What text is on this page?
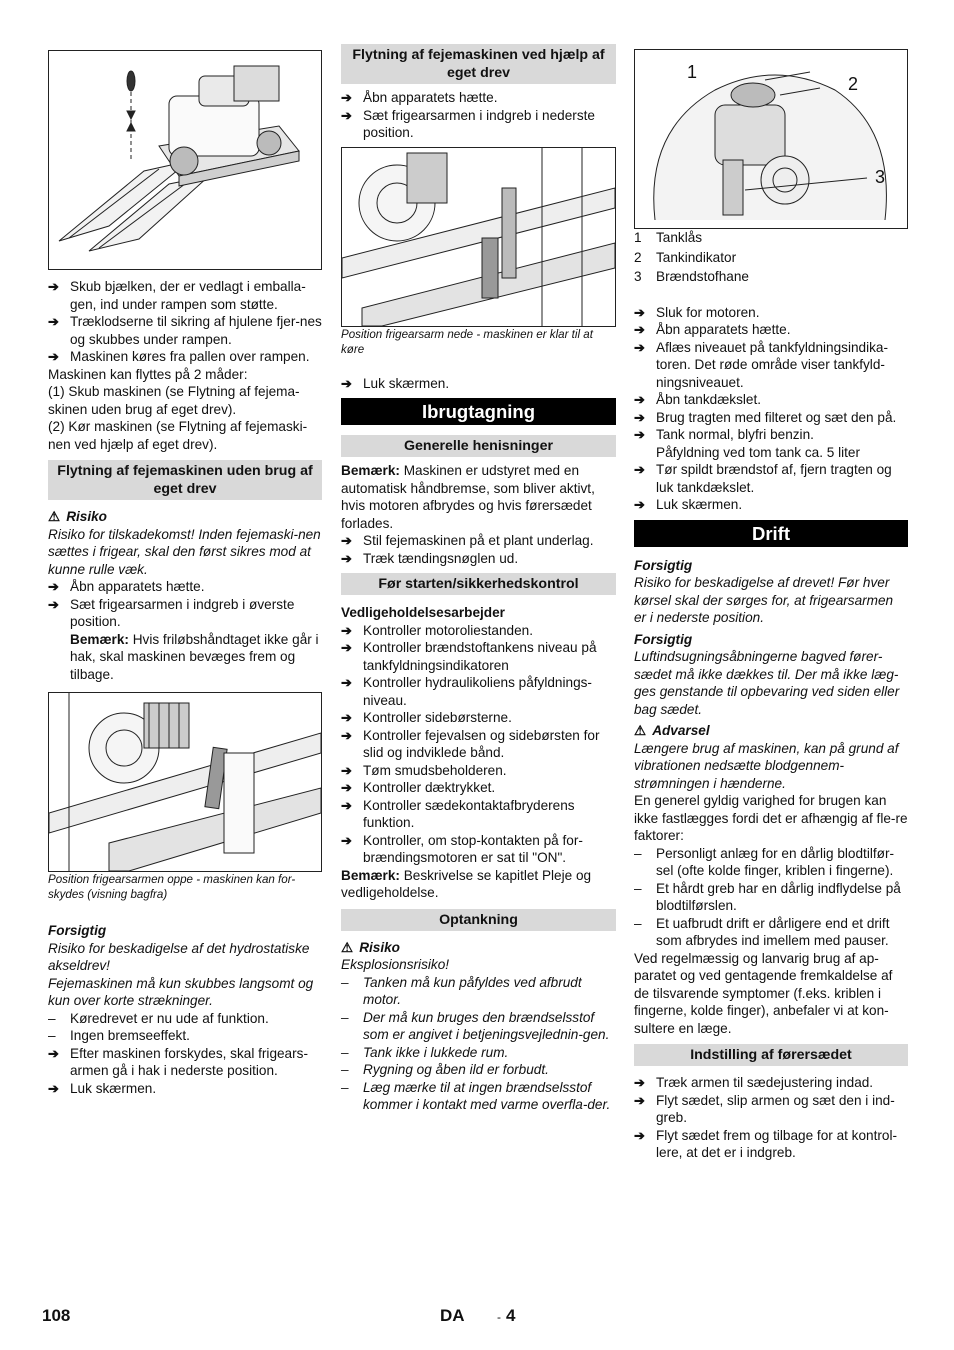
➔ Skub bjælken, der er vedlagt i emballa-gen, ind under rampen som støtte.
➔ Træklodserne til sikring af hjulene fjer-nes og skubbes under rampen.
➔ Maskinen køres fra pallen over rampen.

Maskinen kan flyttes på 2 måder:

(1) Skub maskinen (se Flytning af fejema-skinen uden brug af eget drev).

(2) Kør maskinen (se Flytning af fejemaski-nen ved hjælp af eget drev).

Flytning af fejemaskinen uden brug af eget drev

⚠ Risiko

Risiko for tilskadekomst! Inden fejemaski-nen sættes i frigear, skal den først sikres mod at kunne rulle væk.

➔ Åbn apparatets hætte.
➔ Sæt frigearsarmen i indgreb i øverste position.

Bemærk: Hvis friløbshåndtaget ikke går i hak, skal maskinen bevæges frem og tilbage.

Position frigearsarmen oppe - maskinen kan for-skydes (visning bagfra)

Forsigtig

Risiko for beskadigelse af det hydrostatiske akseldrev!

Fejemaskinen må kun skubbes langsomt og kun over korte strækninger.

–	Køredrevet er nu ude af funktion.
–	Ingen bremseeffekt.
➔ Efter maskinen forskydes, skal frigears-armen gå i hak i nederste position.
➔ Luk skærmen.
Flytning af fejemaskinen ved hjælp af eget drev
➔ Åbn apparatets hætte.
➔ Sæt frigearsarmen i indgreb i nederste position.

Position frigearsarm nede - maskinen er klar til at køre

➔ Luk skærmen.
Ibrugtagning
Generelle henisninger

Bemærk: Maskinen er udstyret med en automatisk håndbremse, som bliver aktivt, hvis motoren afbrydes og hvis førersædet forlades.

➔ Stil fejemaskinen på et plant underlag.
➔ Træk tændingsnøglen ud.
Før starten/sikkerhedskontrol

Vedligeholdelsesarbejder

➔ Kontroller motoroliestanden.
➔ Kontroller brændstoftankens niveau på tankfyldningsindikatoren
➔ Kontroller hydraulikoliens påfyldnings-niveau.
➔ Kontroller sidebørsterne.
➔ Kontroller fejevalsen og sidebørsten for slid og indviklede bånd.
➔ Tøm smudsbeholderen.
➔ Kontroller dæktrykket.
➔ Kontroller sædekontaktafbryderens funktion.
➔ Kontroller, om stop-kontakten på for-brændingsmotoren er sat til "ON".

Bemærk: Beskrivelse se kapitlet Pleje og vedligeholdelse.

Optankning

⚠ Risiko

Eksplosionsrisiko!

–	Tanken må kun påfyldes ved afbrudt motor.
–	Der må kun bruges den brændselsstof som er angivet i betjeningsvejlednin-gen.
–	Tank ikke i lukkede rum.
–	Rygning og åben ild er forbudt.
–	Læg mærke til at ingen brændselsstof kommer i kontakt med varme overfla-der.
1
2
3
1	Tanklås
2	Tankindikator
3	Brændstofhane
➔ Sluk for motoren.
➔ Åbn apparatets hætte.
➔ Aflæs niveauet på tankfyldningsindika-toren. Det røde område viser tankfyld-ningsniveauet.
➔ Åbn tankdækslet.
➔ Brug tragten med filteret og sæt den på.
➔ Tank normal, blyfri benzin.

Påfyldning ved tom tank ca. 5 liter

➔ Tør spildt brændstof af, fjern tragten og luk tankdækslet.
➔ Luk skærmen.
Drift

Forsigtig

Risiko for beskadigelse af drevet! Før hver kørsel skal der sørges for, at frigearsarmen er i nederste position.

Forsigtig

Luftindsugningsåbningerne bagved fører-sædet må ikke dækkes til. Der må ikke læg-ges genstande til opbevaring ved siden eller bag sædet.

⚠ Advarsel

Længere brug af maskinen, kan på grund af vibrationen nedsætte blodgennem-strømningen i hænderne.

En generel gyldig varighed for brugen kan ikke fastlægges fordi det er afhængig af fle-re faktorer:

–	Personligt anlæg for en dårlig blodtilfør-sel (ofte kolde finger, kriblen i fingerne).
–	Et hårdt greb har en dårlig indflydelse på blodtilførslen.
–	Et uafbrudt drift er dårligere end et drift som afbrydes ind imellem med pauser.

Ved regelmæssig og lanvarig brug af ap-paratet og ved gentagende fremkaldelse af de tilsvarende symptomer (f.eks. kriblen i fingerne, kolde finger), anbefaler vi at kon-sultere en læge.

Indstilling af førersædet
➔ Træk armen til sædejustering indad.
➔ Flyt sædet, slip armen og sæt den i ind-greb.
➔ Flyt sædet frem og tilbage for at kontrol-lere, at det er i indgreb.
108	DA	- 4
